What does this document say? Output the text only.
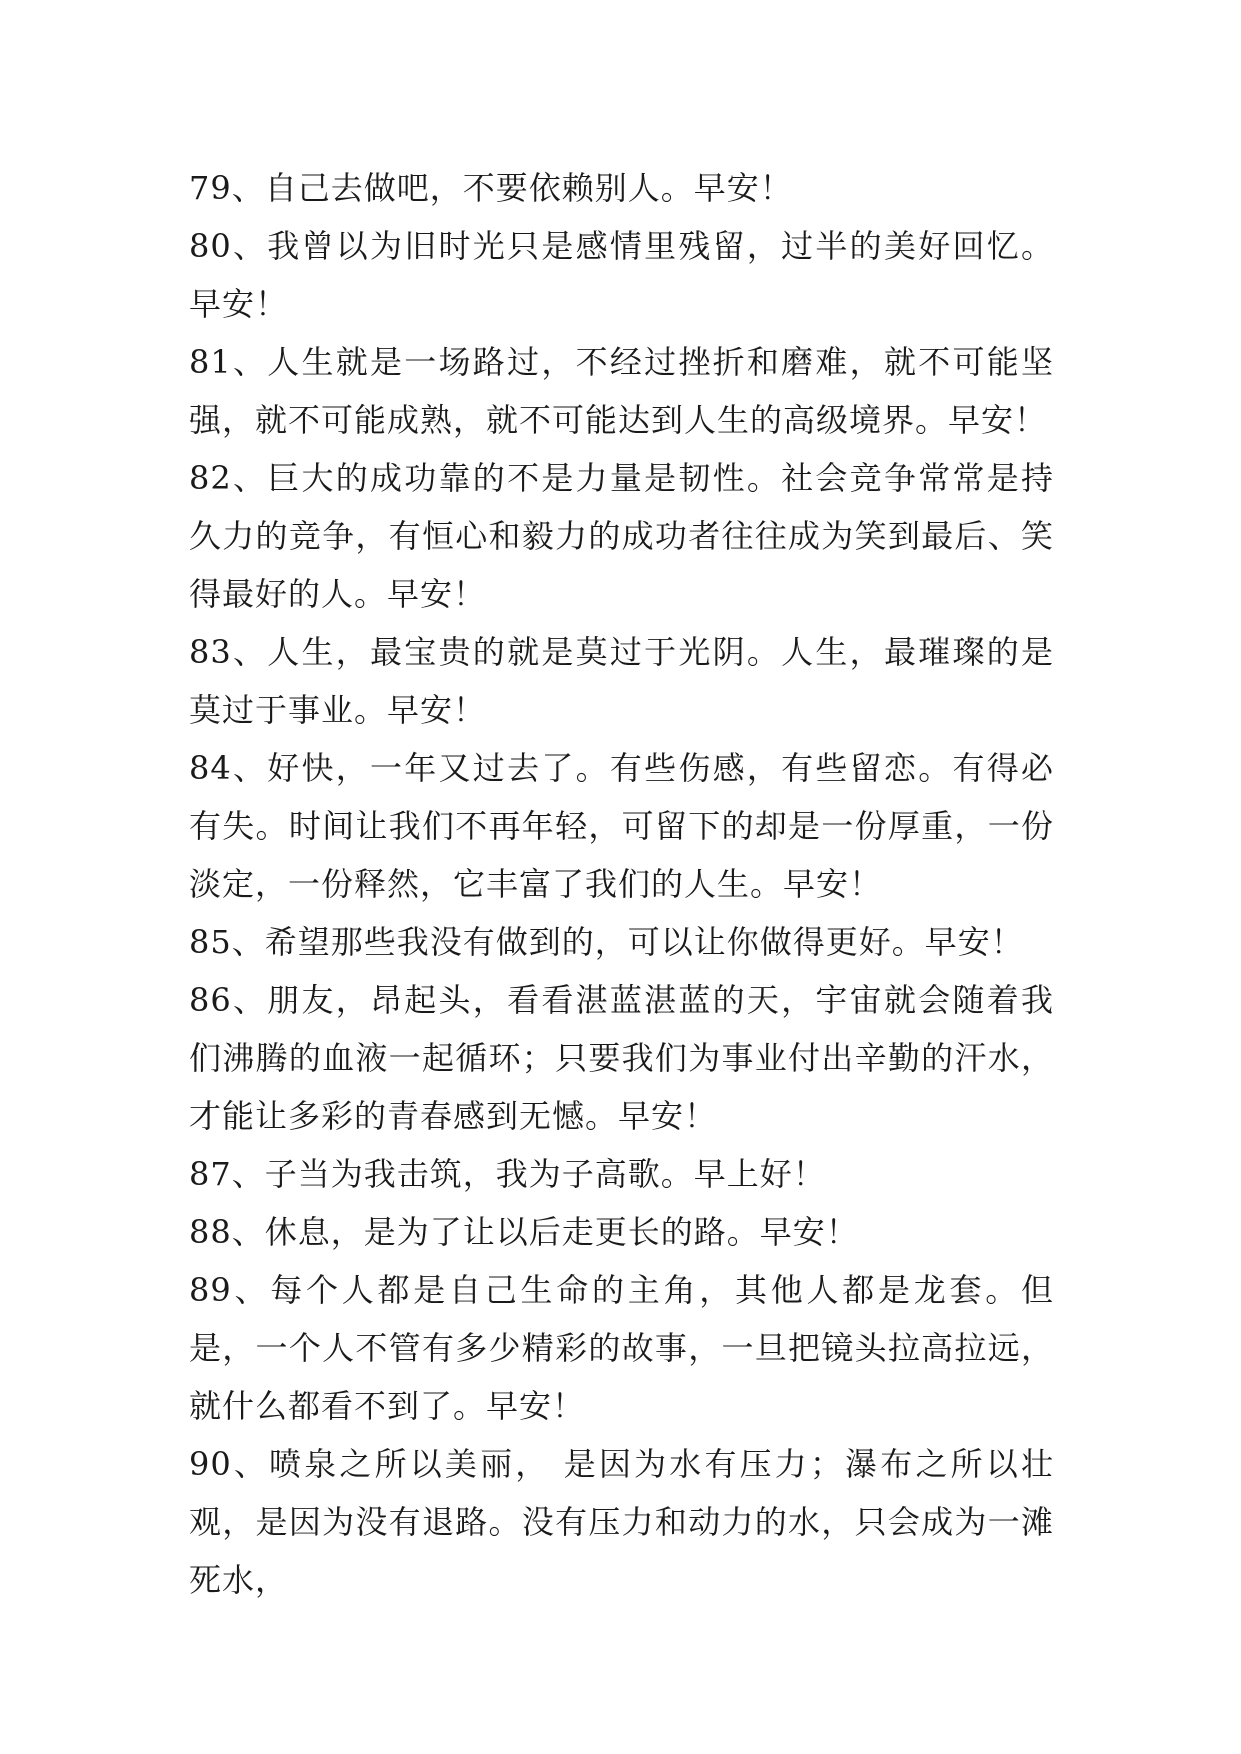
79、自己去做吧，不要依赖别人。早安！

80、我曾以为旧时光只是感情里残留，过半的美好回忆。早安！

81、人生就是一场路过，不经过挫折和磨难，就不可能坚强，就不可能成熟，就不可能达到人生的高级境界。早安！

82、巨大的成功靠的不是力量是韧性。社会竞争常常是持久力的竞争，有恒心和毅力的成功者往往成为笑到最后、笑得最好的人。早安！

83、人生，最宝贵的就是莫过于光阴。人生，最璀璨的是莫过于事业。早安！

84、好快，一年又过去了。有些伤感，有些留恋。有得必有失。时间让我们不再年轻，可留下的却是一份厚重，一份淡定，一份释然，它丰富了我们的人生。早安！

85、希望那些我没有做到的，可以让你做得更好。早安！

86、朋友，昂起头，看看湛蓝湛蓝的天，宇宙就会随着我们沸腾的血液一起循环；只要我们为事业付出辛勤的汗水，才能让多彩的青春感到无憾。早安！

87、子当为我击筑，我为子高歌。早上好！

88、休息，是为了让以后走更长的路。早安！

89、每个人都是自己生命的主角，其他人都是龙套。但是，一个人不管有多少精彩的故事，一旦把镜头拉高拉远，就什么都看不到了。早安！

90、喷泉之所以美丽， 是因为水有压力；瀑布之所以壮观，是因为没有退路。没有压力和动力的水，只会成为一滩死水，
